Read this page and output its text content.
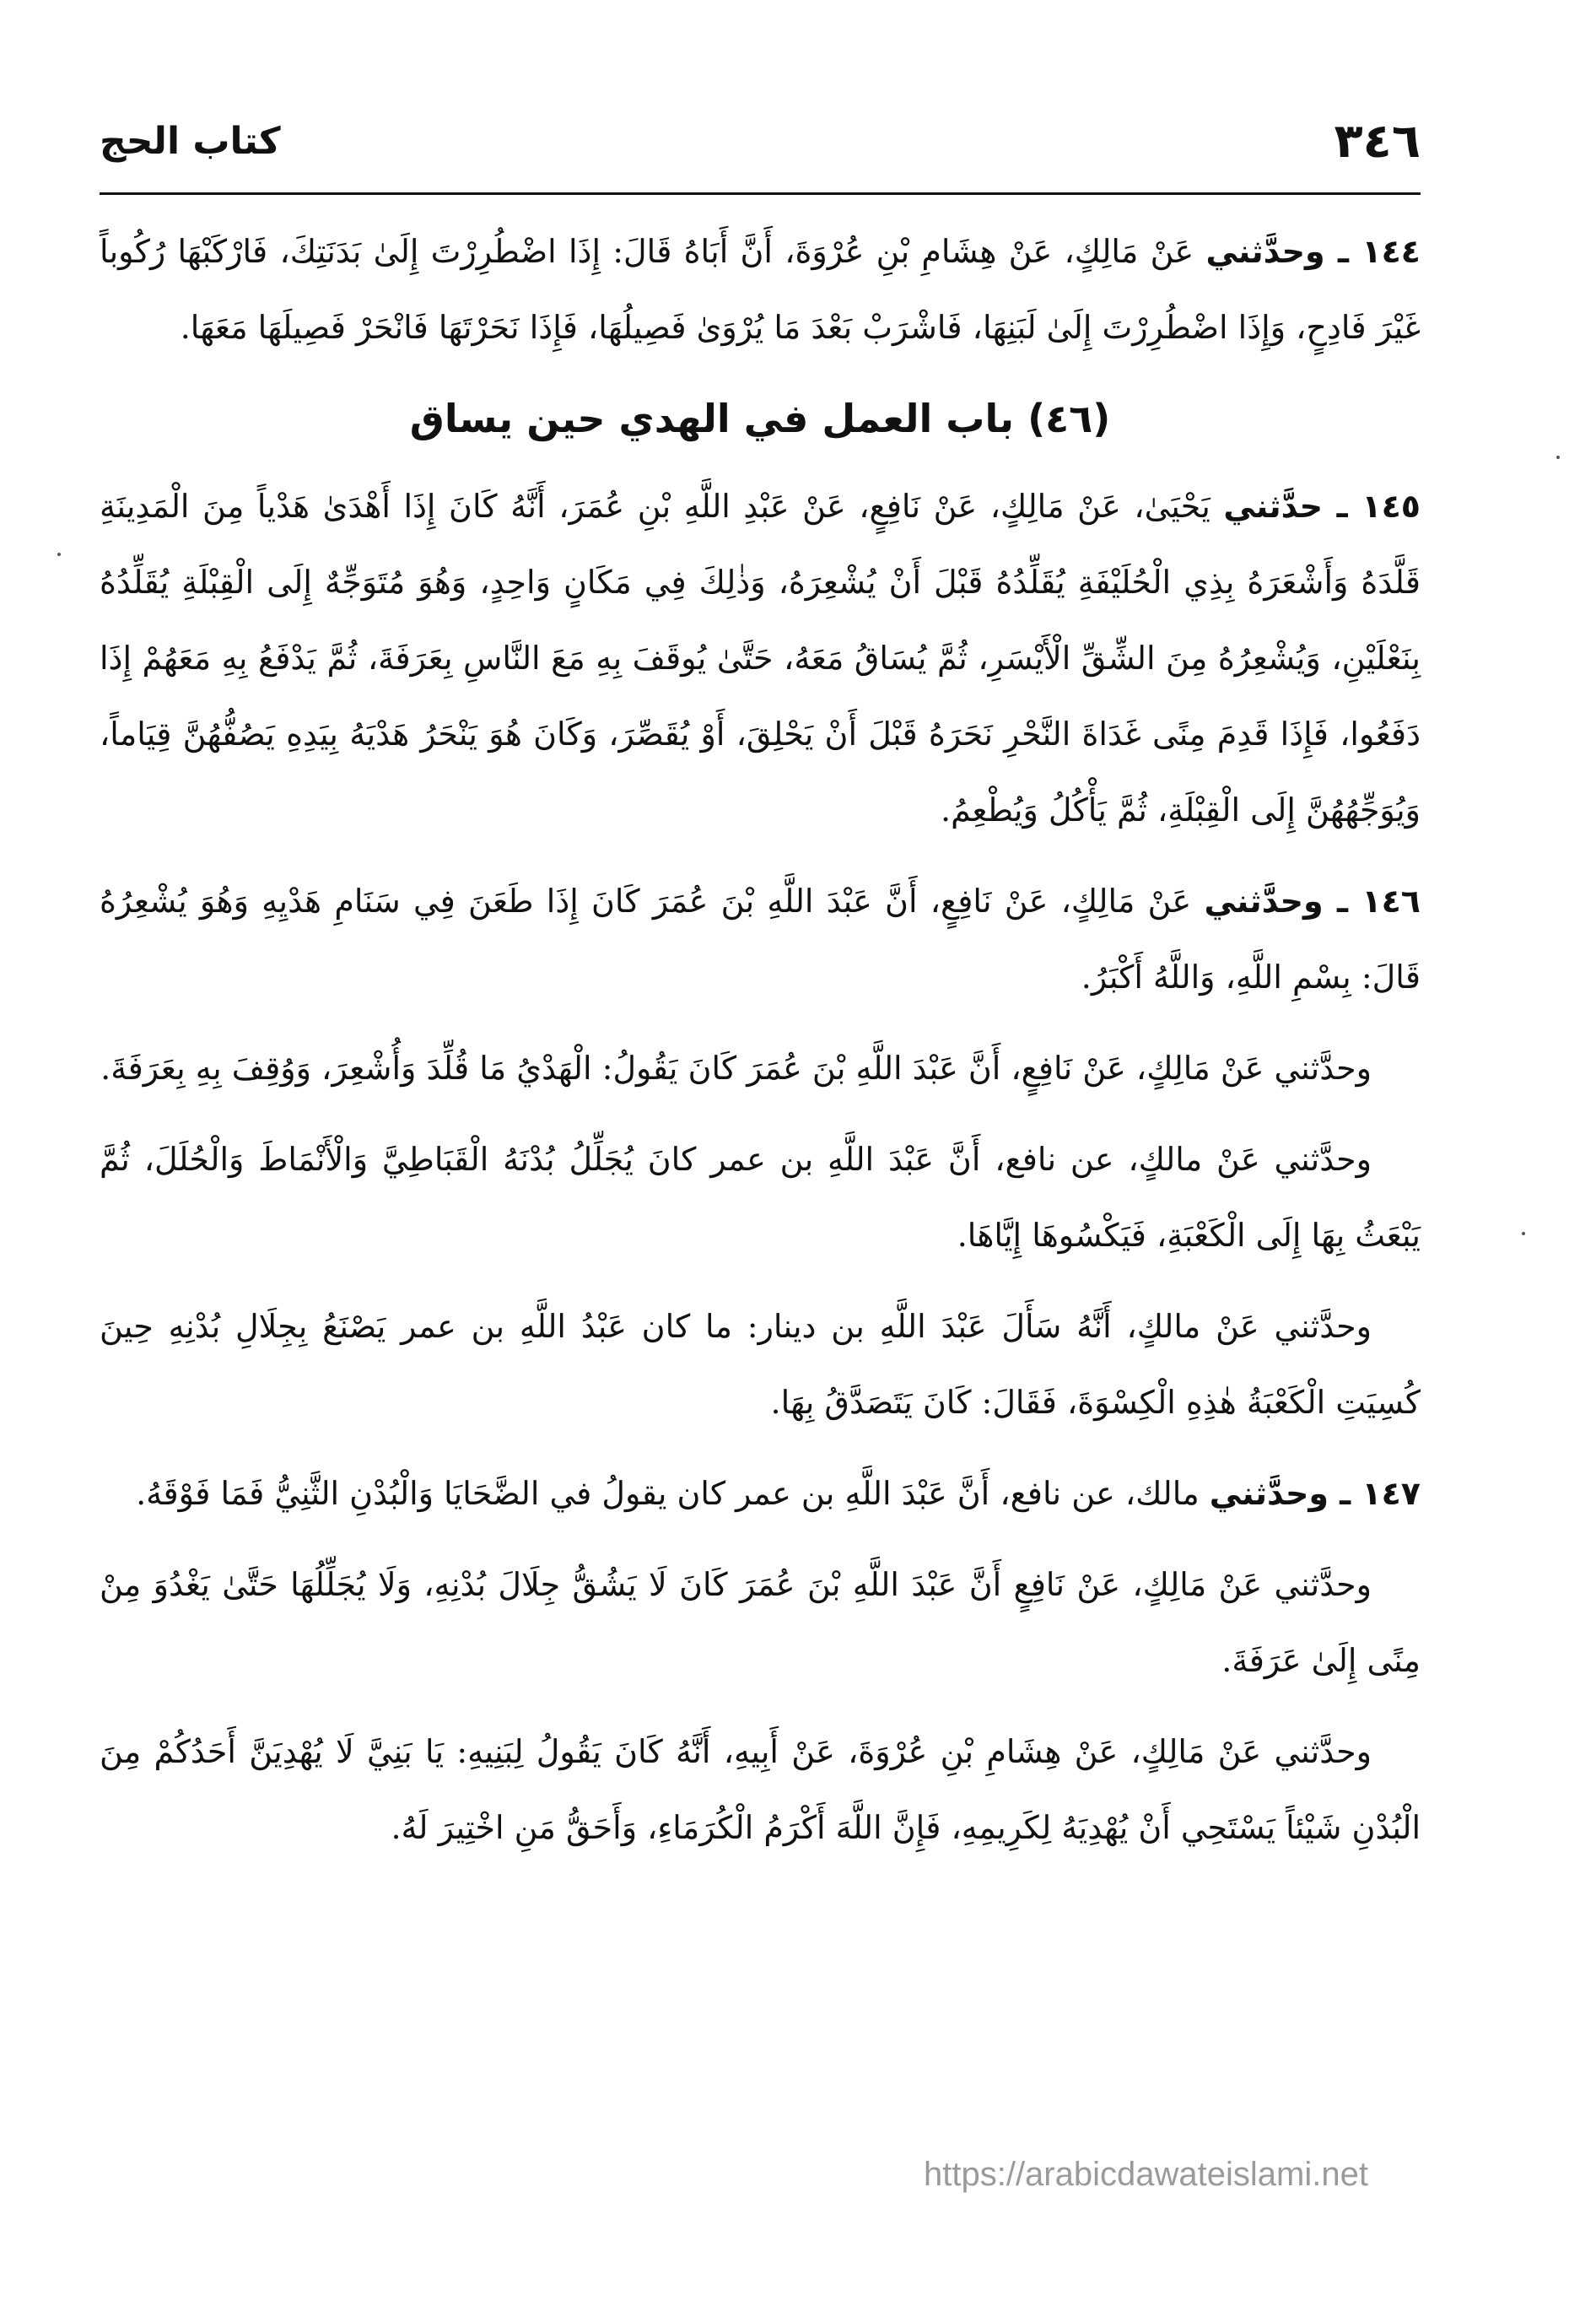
٣٤٦
كتاب الحج

١٤٤ ـ وحدَّثني عَنْ مَالِكٍ، عَنْ هِشَامِ بْنِ عُرْوَةَ، أَنَّ أَبَاهُ قَالَ: إِذَا اضْطُرِرْتَ إِلَىٰ بَدَنَتِكَ، فَارْكَبْهَا رُكُوباً غَيْرَ فَادِحٍ، وَإِذَا اضْطُرِرْتَ إِلَىٰ لَبَنِهَا، فَاشْرَبْ بَعْدَ مَا يُرْوَىٰ فَصِيلُهَا، فَإِذَا نَحَرْتَهَا فَانْحَرْ فَصِيلَهَا مَعَهَا.

(٤٦) باب العمل في الهدي حين يساق

١٤٥ ـ حدَّثني يَحْيَىٰ، عَنْ مَالِكٍ، عَنْ نَافِعٍ، عَنْ عَبْدِ اللَّهِ بْنِ عُمَرَ، أَنَّهُ كَانَ إِذَا أَهْدَىٰ هَدْياً مِنَ الْمَدِينَةِ قَلَّدَهُ وَأَشْعَرَهُ بِذِي الْحُلَيْفَةِ يُقَلِّدُهُ قَبْلَ أَنْ يُشْعِرَهُ، وَذٰلِكَ فِي مَكَانٍ وَاحِدٍ، وَهُوَ مُتَوَجِّهٌ إِلَى الْقِبْلَةِ يُقَلِّدُهُ بِنَعْلَيْنِ، وَيُشْعِرُهُ مِنَ الشِّقِّ الْأَيْسَرِ، ثُمَّ يُسَاقُ مَعَهُ، حَتَّىٰ يُوقَفَ بِهِ مَعَ النَّاسِ بِعَرَفَةَ، ثُمَّ يَدْفَعُ بِهِ مَعَهُمْ إِذَا دَفَعُوا، فَإِذَا قَدِمَ مِنًى غَدَاةَ النَّحْرِ نَحَرَهُ قَبْلَ أَنْ يَحْلِقَ، أَوْ يُقَصِّرَ، وَكَانَ هُوَ يَنْحَرُ هَدْيَهُ بِيَدِهِ يَصُفُّهُنَّ قِيَاماً، وَيُوَجِّهُهُنَّ إِلَى الْقِبْلَةِ، ثُمَّ يَأْكُلُ وَيُطْعِمُ.

١٤٦ ـ وحدَّثني عَنْ مَالِكٍ، عَنْ نَافِعٍ، أَنَّ عَبْدَ اللَّهِ بْنَ عُمَرَ كَانَ إِذَا طَعَنَ فِي سَنَامِ هَدْيِهِ وَهُوَ يُشْعِرُهُ قَالَ: بِسْمِ اللَّهِ، وَاللَّهُ أَكْبَرُ.

وحدَّثني عَنْ مَالِكٍ، عَنْ نَافِعٍ، أَنَّ عَبْدَ اللَّهِ بْنَ عُمَرَ كَانَ يَقُولُ: الْهَدْيُ مَا قُلِّدَ وَأُشْعِرَ، وَوُقِفَ بِهِ بِعَرَفَةَ.

وحدَّثني عَنْ مالكٍ، عن نافع، أَنَّ عَبْدَ اللَّهِ بن عمر كانَ يُجَلِّلُ بُدْنَهُ الْقَبَاطِيَّ وَالْأَنْمَاطَ وَالْحُلَلَ، ثُمَّ يَبْعَثُ بِهَا إِلَى الْكَعْبَةِ، فَيَكْسُوهَا إِيَّاهَا.

وحدَّثني عَنْ مالكٍ، أَنَّهُ سَأَلَ عَبْدَ اللَّهِ بن دينار: ما كان عَبْدُ اللَّهِ بن عمر يَصْنَعُ بِجِلَالِ بُدْنِهِ حِينَ كُسِيَتِ الْكَعْبَةُ هٰذِهِ الْكِسْوَةَ، فَقَالَ: كَانَ يَتَصَدَّقُ بِهَا.

١٤٧ ـ وحدَّثني مالك، عن نافع، أَنَّ عَبْدَ اللَّهِ بن عمر كان يقولُ في الضَّحَايَا وَالْبُدْنِ الثَّنِيُّ فَمَا فَوْقَهُ.

وحدَّثني عَنْ مَالِكٍ، عَنْ نَافِعٍ أَنَّ عَبْدَ اللَّهِ بْنَ عُمَرَ كَانَ لَا يَشُقُّ جِلَالَ بُدْنِهِ، وَلَا يُجَلِّلُهَا حَتَّىٰ يَغْدُوَ مِنْ مِنًى إِلَىٰ عَرَفَةَ.

وحدَّثني عَنْ مَالِكٍ، عَنْ هِشَامِ بْنِ عُرْوَةَ، عَنْ أَبِيهِ، أَنَّهُ كَانَ يَقُولُ لِبَنِيهِ: يَا بَنِيَّ لَا يُهْدِيَنَّ أَحَدُكُمْ مِنَ الْبُدْنِ شَيْئاً يَسْتَحِي أَنْ يُهْدِيَهُ لِكَرِيمِهِ، فَإِنَّ اللَّهَ أَكْرَمُ الْكُرَمَاءِ، وَأَحَقُّ مَنِ اخْتِيرَ لَهُ.

https://arabicdawateislami.net
